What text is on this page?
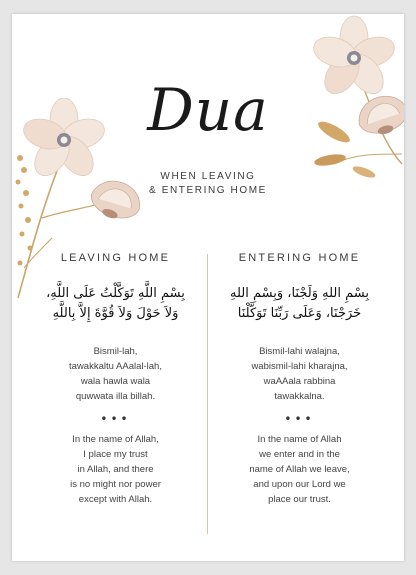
Dua
WHEN LEAVING
& ENTERING HOME
LEAVING HOME
بِسْمِ اللَّهِ تَوَكَّلْتُ عَلَى اللَّهِ،
وَلاَ حَوْلَ وَلاَ قُوَّةَ إِلاَّ بِاللَّهِ
Bismil-lah,
tawakkaltu AAalal-lah,
wala hawla wala
quwwata illa billah.
•••
In the name of Allah,
I place my trust
in Allah, and there
is no might nor power
except with Allah.
ENTERING HOME
بِسْمِ اللهِ وَلَجْنَا، وَبِسْمِ اللهِ
خَرَجْنَا، وَعَلَى رَبِّنَا تَوَكَّلْنَا
Bismil-lahi walajna,
wabismil-lahi kharajna,
waAAala rabbina
tawakkalna.
•••
In the name of Allah
we enter and in the
name of Allah we leave,
and upon our Lord we
place our trust.
